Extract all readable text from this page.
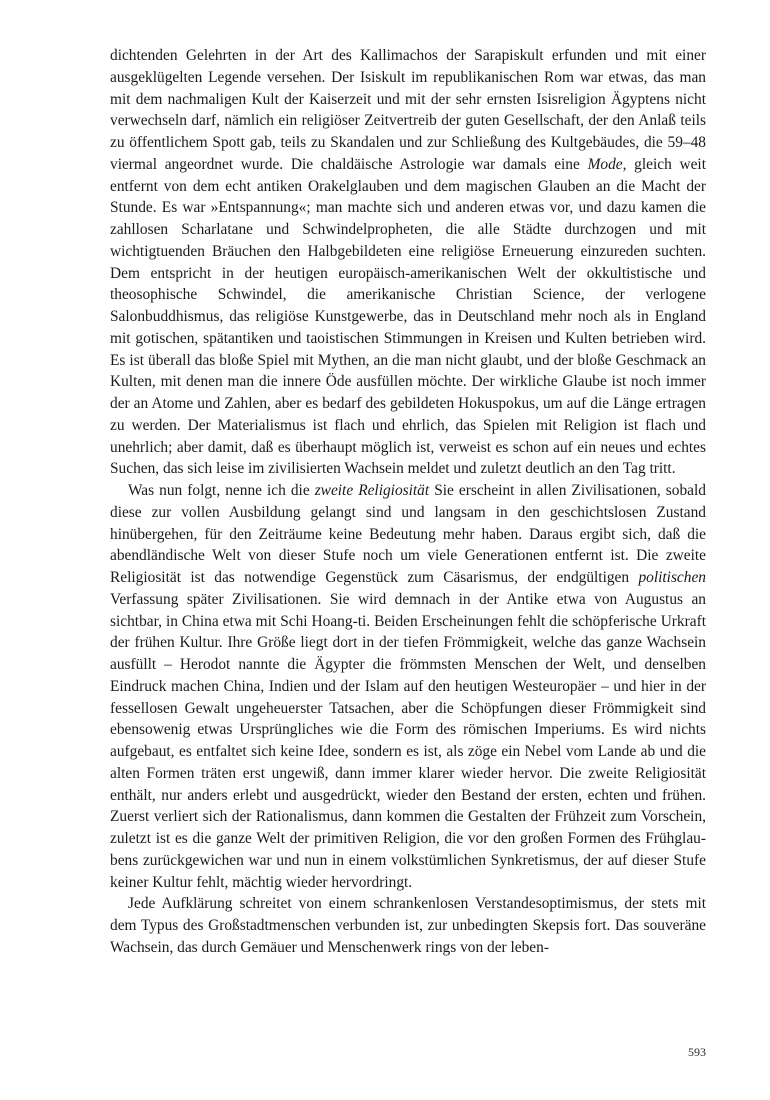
dichtenden Gelehrten in der Art des Kallimachos der Sarapiskult erfunden und mit einer ausgeklügelten Legende versehen. Der Isiskult im republikanischen Rom war etwas, das man mit dem nachmaligen Kult der Kaiserzeit und mit der sehr ernsten Isisreligion Ägyptens nicht verwechseln darf, nämlich ein religiöser Zeitvertreib der guten Gesellschaft, der den Anlaß teils zu öffentlichem Spott gab, teils zu Skandalen und zur Schließung des Kultgebäudes, die 59–48 viermal angeordnet wurde. Die chaldäische Astrologie war damals eine Mode, gleich weit entfernt von dem echt antiken Orakelglauben und dem magischen Glauben an die Macht der Stunde. Es war »Entspannung«; man machte sich und anderen etwas vor, und dazu kamen die zahllosen Scharlatane und Schwindelpropheten, die alle Städte durchzogen und mit wichtigtuenden Bräuchen den Halbgebildeten eine religiöse Erneuerung einzureden suchten. Dem entspricht in der heutigen europäisch-amerikanischen Welt der okkultistische und theosophische Schwindel, die amerikanische Christian Science, der verlogene Salonbuddhismus, das religiöse Kunstgewerbe, das in Deutschland mehr noch als in England mit gotischen, spätantiken und taoistischen Stimmungen in Kreisen und Kulten betrieben wird. Es ist überall das bloße Spiel mit Mythen, an die man nicht glaubt, und der bloße Geschmack an Kulten, mit denen man die innere Öde ausfüllen möchte. Der wirkliche Glaube ist noch immer der an Atome und Zahlen, aber es bedarf des gebildeten Hokuspokus, um auf die Länge ertragen zu werden. Der Materialismus ist flach und ehrlich, das Spielen mit Religion ist flach und unehrlich; aber damit, daß es überhaupt möglich ist, verweist es schon auf ein neues und echtes Suchen, das sich leise im zivilisierten Wachsein meldet und zuletzt deutlich an den Tag tritt.

Was nun folgt, nenne ich die zweite Religiosität Sie erscheint in allen Zivilisationen, sobald diese zur vollen Ausbildung gelangt sind und langsam in den geschichtslosen Zustand hinübergehen, für den Zeiträume keine Bedeutung mehr haben. Daraus ergibt sich, daß die abendländische Welt von dieser Stufe noch um viele Generationen entfernt ist. Die zweite Religiosität ist das notwendige Gegenstück zum Cäsarismus, der endgültigen politischen Verfassung später Zivilisationen. Sie wird demnach in der Antike etwa von Augustus an sichtbar, in China etwa mit Schi Hoang-ti. Beiden Erscheinungen fehlt die schöpferische Urkraft der frühen Kultur. Ihre Größe liegt dort in der tiefen Frömmigkeit, welche das ganze Wachsein ausfüllt – Herodot nannte die Ägypter die frömmsten Menschen der Welt, und denselben Eindruck machen China, Indien und der Islam auf den heutigen Westeuropäer – und hier in der fessellosen Gewalt ungeheuerster Tatsachen, aber die Schöpfungen dieser Frömmigkeit sind ebensowenig etwas Ursprüngliches wie die Form des römischen Imperiums. Es wird nichts aufgebaut, es entfaltet sich keine Idee, sondern es ist, als zöge ein Nebel vom Lande ab und die alten Formen träten erst ungewiß, dann immer klarer wieder hervor. Die zweite Religiosität enthält, nur anders erlebt und ausgedrückt, wieder den Bestand der ersten, echten und frühen. Zuerst verliert sich der Rationalismus, dann kommen die Gestalten der Frühzeit zum Vorschein, zuletzt ist es die ganze Welt der primitiven Religion, die vor den großen Formen des Frühglaubens zurückgewichen war und nun in einem volkstümlichen Synkretismus, der auf dieser Stufe keiner Kultur fehlt, mächtig wieder hervordringt.

Jede Aufklärung schreitet von einem schrankenlosen Verstandesoptimismus, der stets mit dem Typus des Großstadtmenschen verbunden ist, zur unbedingten Skepsis fort. Das souveräne Wachsein, das durch Gemäuer und Menschenwerk rings von der leben-

593
